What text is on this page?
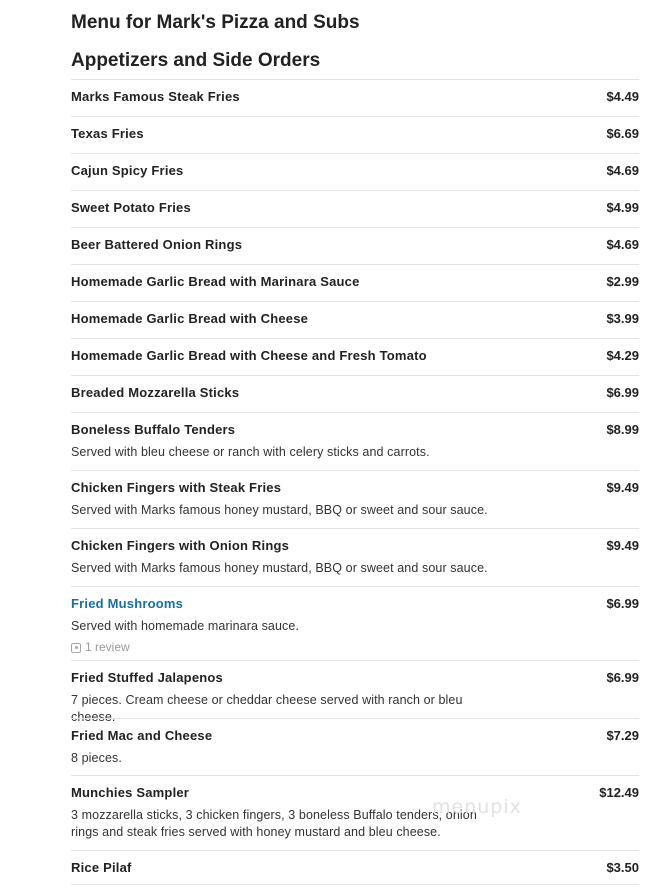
Menu for Mark's Pizza and Subs
Appetizers and Side Orders
Marks Famous Steak Fries	$4.49
Texas Fries	$6.69
Cajun Spicy Fries	$4.69
Sweet Potato Fries	$4.99
Beer Battered Onion Rings	$4.69
Homemade Garlic Bread with Marinara Sauce	$2.99
Homemade Garlic Bread with Cheese	$3.99
Homemade Garlic Bread with Cheese and Fresh Tomato	$4.29
Breaded Mozzarella Sticks	$6.99
Boneless Buffalo Tenders	$8.99
Served with bleu cheese or ranch with celery sticks and carrots.
Chicken Fingers with Steak Fries	$9.49
Served with Marks famous honey mustard, BBQ or sweet and sour sauce.
Chicken Fingers with Onion Rings	$9.49
Served with Marks famous honey mustard, BBQ or sweet and sour sauce.
Fried Mushrooms	$6.99
Served with homemade marinara sauce.
1 review
Fried Stuffed Jalapenos	$6.99
7 pieces. Cream cheese or cheddar cheese served with ranch or bleu cheese.
Fried Mac and Cheese	$7.29
8 pieces.
Munchies Sampler	$12.49
3 mozzarella sticks, 3 chicken fingers, 3 boneless Buffalo tenders, onion rings and steak fries served with honey mustard and bleu cheese.
Rice Pilaf	$3.50
menupix
